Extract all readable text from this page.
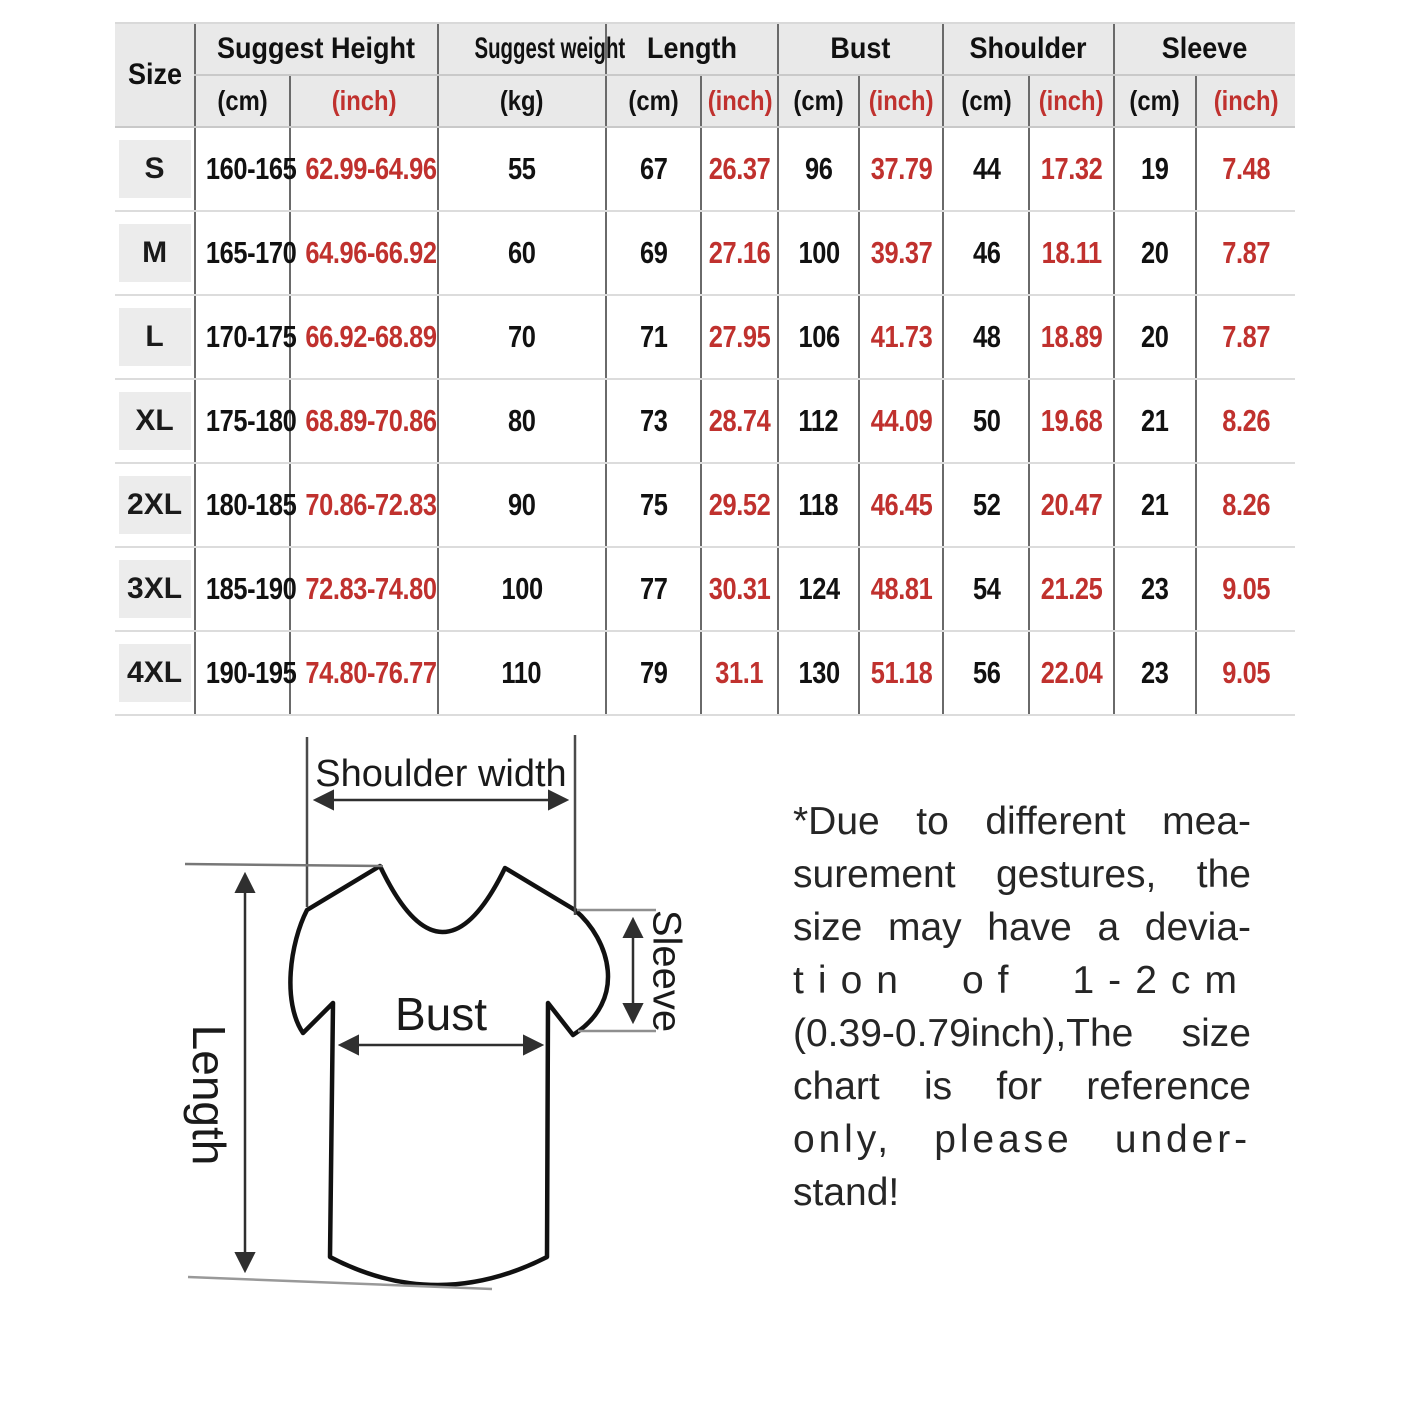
Size	Suggest Height		Suggest weight	Length		Bust		Shoulder		Sleeve	
	(cm)	(inch)	(kg)	(cm)	(inch)	(cm)	(inch)	(cm)	(inch)	(cm)	(inch)
S	160-165	62.99-64.96	55	67	26.37	96	37.79	44	17.32	19	7.48
M	165-170	64.96-66.92	60	69	27.16	100	39.37	46	18.11	20	7.87
L	170-175	66.92-68.89	70	71	27.95	106	41.73	48	18.89	20	7.87
XL	175-180	68.89-70.86	80	73	28.74	112	44.09	50	19.68	21	8.26
2XL	180-185	70.86-72.83	90	75	29.52	118	46.45	52	20.47	21	8.26
3XL	185-190	72.83-74.80	100	77	30.31	124	48.81	54	21.25	23	9.05
4XL	190-195	74.80-76.77	110	79	31.1	130	51.18	56	22.04	23	9.05
Shoulder width
Sleeve
Bust
Length

*Due to different mea-

surement gestures, the

size may have a devia-

tion of 1-2cm

(0.39-0.79inch),The size

chart is for reference

only, please under-

stand!
